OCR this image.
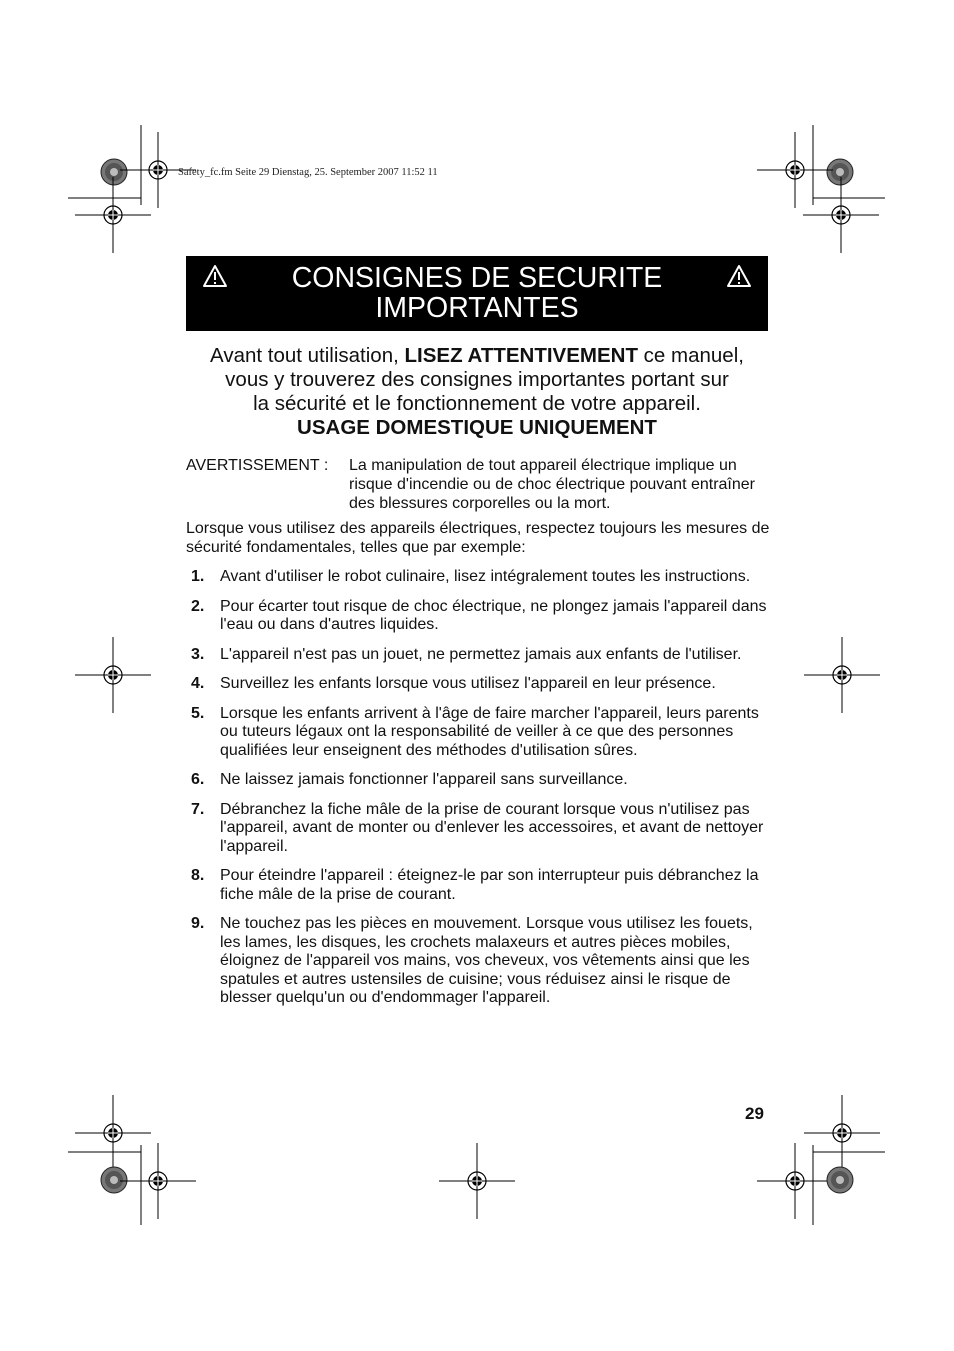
Safety_fc.fm Seite 29 Dienstag, 25. September 2007 11:52 11
CONSIGNES DE SECURITE
IMPORTANTES
Avant tout utilisation, LISEZ ATTENTIVEMENT ce manuel,
vous y trouverez des consignes importantes portant sur
la sécurité et le fonctionnement de votre appareil.
USAGE DOMESTIQUE UNIQUEMENT
AVERTISSEMENT : La manipulation de tout appareil électrique implique un risque d'incendie ou de choc électrique pouvant entraîner des blessures corporelles ou la mort.
Lorsque vous utilisez des appareils électriques, respectez toujours les mesures de sécurité fondamentales, telles que par exemple:
1. Avant d'utiliser le robot culinaire, lisez intégralement toutes les instructions.
2. Pour écarter tout risque de choc électrique, ne plongez jamais l'appareil dans l'eau ou dans d'autres liquides.
3. L'appareil n'est pas un jouet, ne permettez jamais aux enfants de l'utiliser.
4. Surveillez les enfants lorsque vous utilisez l'appareil en leur présence.
5. Lorsque les enfants arrivent à l'âge de faire marcher l'appareil, leurs parents ou tuteurs légaux ont la responsabilité de veiller à ce que des personnes qualifiées leur enseignent des méthodes d'utilisation sûres.
6. Ne laissez jamais fonctionner l'appareil sans surveillance.
7. Débranchez la fiche mâle de la prise de courant lorsque vous n'utilisez pas l'appareil, avant de monter ou d'enlever les accessoires, et avant de nettoyer l'appareil.
8. Pour éteindre l'appareil : éteignez-le par son interrupteur puis débranchez la fiche mâle de la prise de courant.
9. Ne touchez pas les pièces en mouvement. Lorsque vous utilisez les fouets, les lames, les disques, les crochets malaxeurs et autres pièces mobiles, éloignez de l'appareil vos mains, vos cheveux, vos vêtements ainsi que les spatules et autres ustensiles de cuisine; vous réduisez ainsi le risque de blesser quelqu'un ou d'endommager l'appareil.
29
